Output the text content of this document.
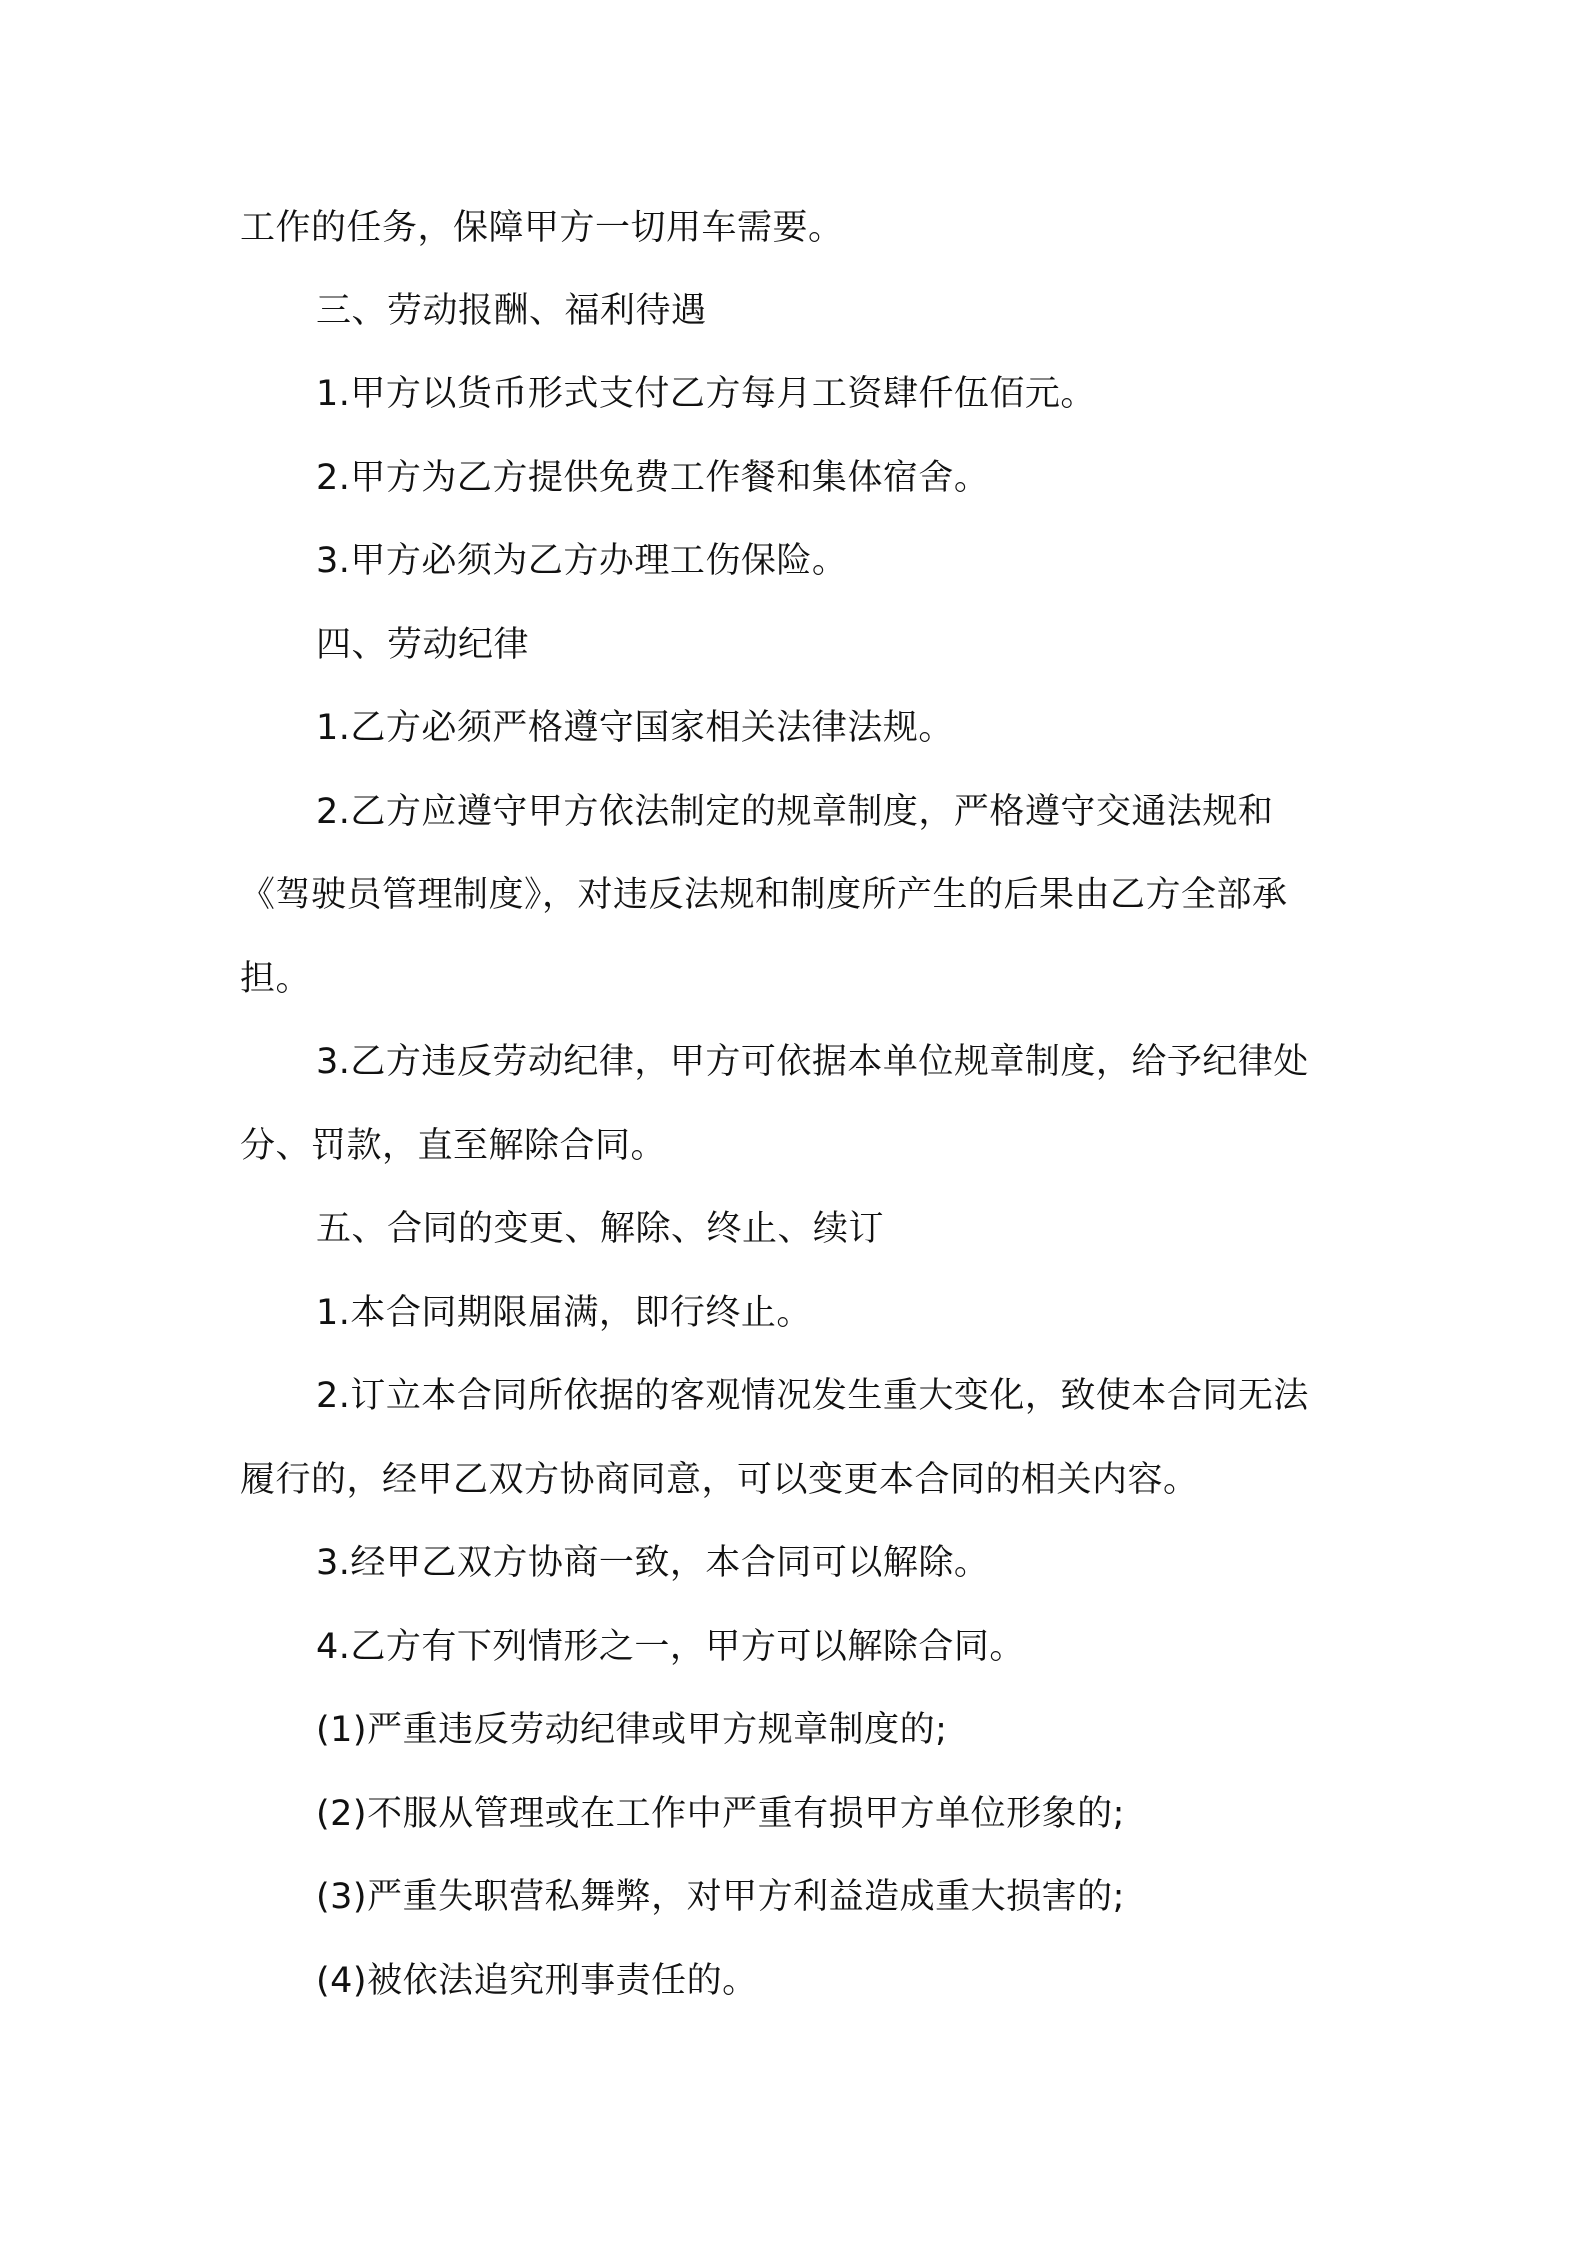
工作的任务，保障甲方一切用车需要。

三、劳动报酬、福利待遇

1.甲方以货币形式支付乙方每月工资肆仟伍佰元。

2.甲方为乙方提供免费工作餐和集体宿舍。

3.甲方必须为乙方办理工伤保险。

四、劳动纪律

1.乙方必须严格遵守国家相关法律法规。

2.乙方应遵守甲方依法制定的规章制度，严格遵守交通法规和

《驾驶员管理制度》，对违反法规和制度所产生的后果由乙方全部承

担。

3.乙方违反劳动纪律，甲方可依据本单位规章制度，给予纪律处

分、罚款，直至解除合同。

五、合同的变更、解除、终止、续订

1.本合同期限届满，即行终止。

2.订立本合同所依据的客观情况发生重大变化，致使本合同无法

履行的，经甲乙双方协商同意，可以变更本合同的相关内容。

3.经甲乙双方协商一致，本合同可以解除。

4.乙方有下列情形之一，甲方可以解除合同。

(1)严重违反劳动纪律或甲方规章制度的;

(2)不服从管理或在工作中严重有损甲方单位形象的;

(3)严重失职营私舞弊，对甲方利益造成重大损害的;

(4)被依法追究刑事责任的。
